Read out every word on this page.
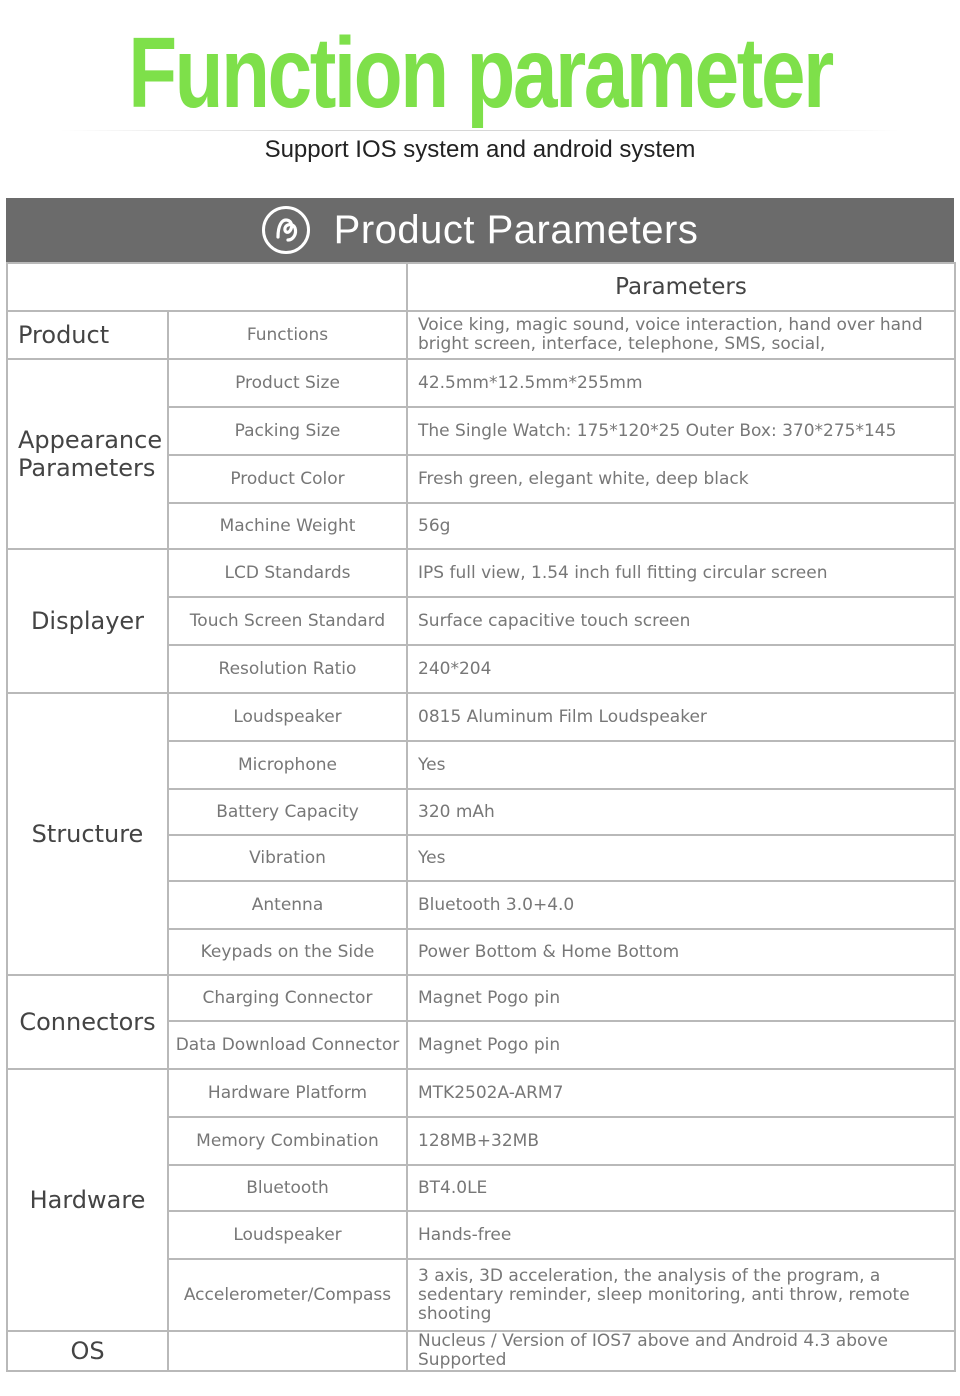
Function parameter
Support IOS system and android system
Product Parameters
		Parameters
Product	Functions	Voice king, magic sound, voice interaction, hand over hand bright screen, interface, telephone, SMS, social,
Appearance
Parameters	Product Size	42.5mm*12.5mm*255mm
	Packing Size	The Single Watch: 175*120*25 Outer Box: 370*275*145
	Product Color	Fresh green, elegant white, deep black
	Machine Weight	56g
Displayer	LCD Standards	IPS full view, 1.54 inch full fitting circular screen
	Touch Screen Standard	Surface capacitive touch screen
	Resolution Ratio	240*204
Structure	Loudspeaker	0815 Aluminum Film Loudspeaker
	Microphone	Yes
	Battery Capacity	320 mAh
	Vibration	Yes
	Antenna	Bluetooth 3.0+4.0
	Keypads on the Side	Power Bottom & Home Bottom
Connectors	Charging Connector	Magnet Pogo pin
	Data Download Connector	Magnet Pogo pin
Hardware	Hardware Platform	MTK2502A-ARM7
	Memory Combination	128MB+32MB
	Bluetooth	BT4.0LE
	Loudspeaker	Hands-free
	Accelerometer/Compass	3 axis, 3D acceleration, the analysis of the program, a sedentary reminder, sleep monitoring, anti throw, remote shooting
OS		Nucleus / Version of IOS7 above and Android 4.3 above Supported
